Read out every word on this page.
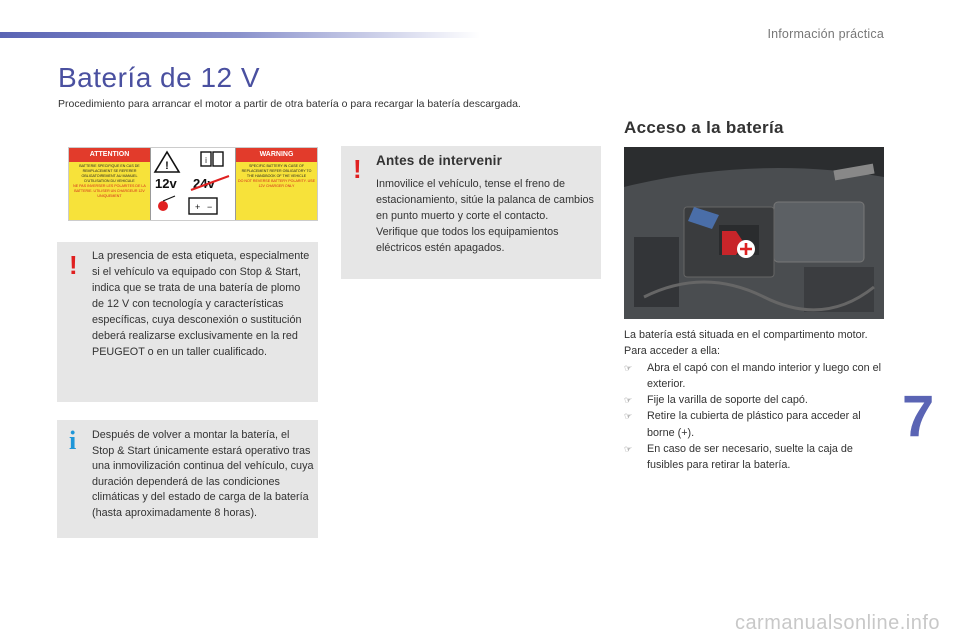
Información práctica
Batería de 12 V
Procedimiento para arrancar el motor a partir de otra batería o para recargar la batería descargada.
ATTENTION
BATTERIE SPECIFIQUE EN CAS DE REMPLACEMENT SE REFERER OBLIGATOIREMENT AU MANUEL D'UTILISATION DU VEHICULE
NE PAS INVERSER LES POLARITES DE LA BATTERIE. UTILISER UN CHARGEUR 12V UNIQUEMENT
!	i
12v 24v
+ −
WARNING
SPECIFIC BATTERY IN CASE OF REPLACEMENT REFER OBLIGATORY TO THE HANDBOOK OF THE VEHICLE
DO NOT REVERSE BATTERY POLARITY. USE 12V CHARGER ONLY
! La presencia de esta etiqueta, especialmente si el vehículo va equipado con Stop & Start, indica que se trata de una batería de plomo de 12 V con tecnología y características específicas, cuya desconexión o sustitución deberá realizarse exclusivamente en la red PEUGEOT o en un taller cualificado.

i Después de volver a montar la batería, el Stop & Start únicamente estará operativo tras una inmovilización continua del vehículo, cuya duración dependerá de las condiciones climáticas y del estado de carga de la batería (hasta aproximadamente 8 horas).

! Antes de intervenir

Inmovilice el vehículo, tense el freno de estacionamiento, sitúe la palanca de cambios en punto muerto y corte el contacto.

Verifique que todos los equipamientos eléctricos estén apagados.

Acceso a la batería

La batería está situada en el compartimento motor.

Para acceder a ella:

☞ Abra el capó con el mando interior y luego con el exterior.
☞ Fije la varilla de soporte del capó.
☞ Retire la cubierta de plástico para acceder al borne (+).
☞ En caso de ser necesario, suelte la caja de fusibles para retirar la batería.
7
carmanualsonline.info
